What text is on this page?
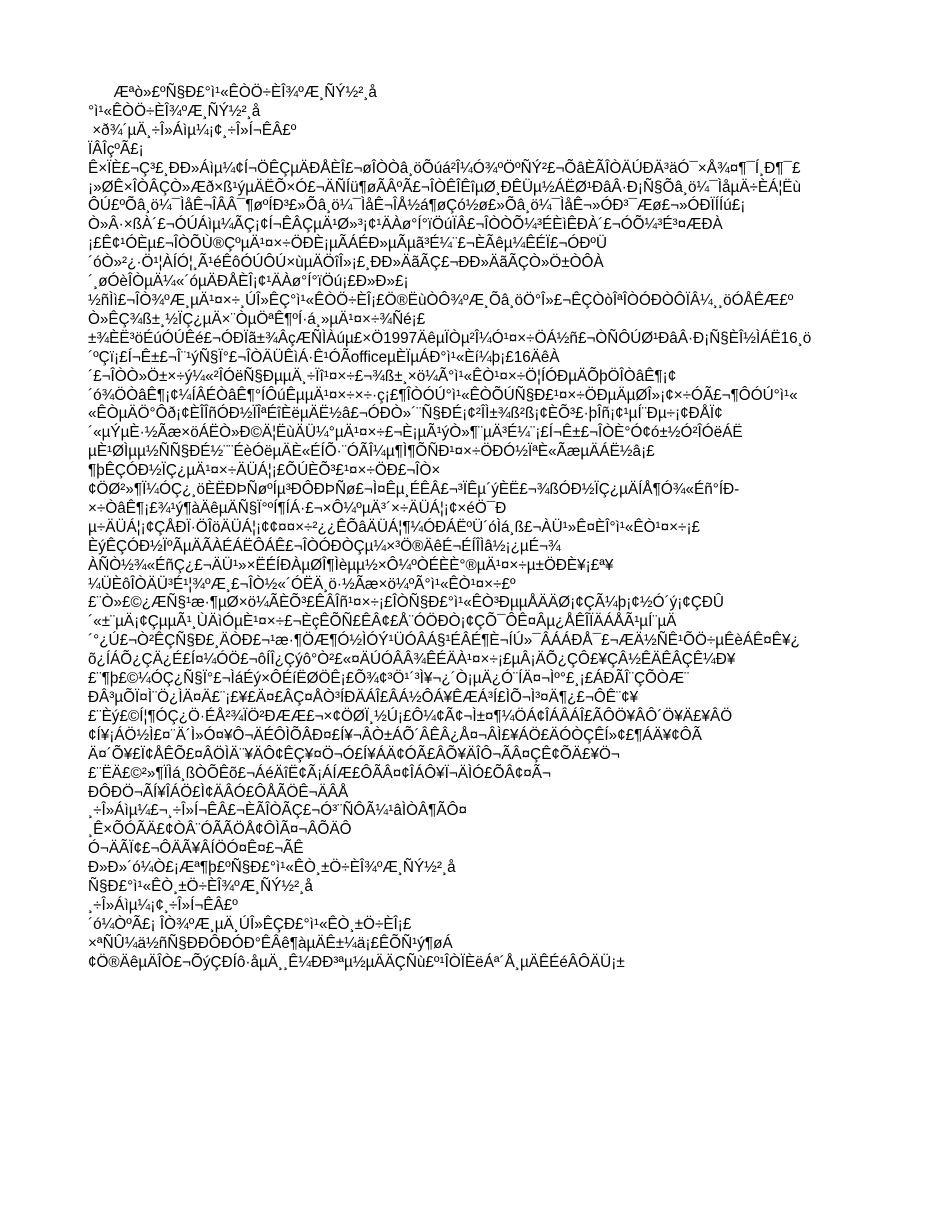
Æªò»£ºÑ§Ð£°ì¹«ÊÒÖ÷ÈÎ¾ºÆ¸ÑÝ½²¸å
°ì¹«ÊÒÖ÷ÈÎ¾ºÆ¸ÑÝ½²¸å
×ð¾´µÄ¸÷Î»Áìµ¼¡¢¸÷Î»Í¬ÊÂ£º
ÏÂÎçºÃ£¡
Ê×ÏÈ£¬Ç³£¸ÐÐ»Áìµ¼¢Í¬ÖÊÇµÄÐÅÈÎ£¬øÎÒÒâ¸öÕúá²Î¼Ó¾ºÖºÑÝ²£¬ÕâÈÃÎÒÄÚÐÄ³äÓ¯×Å¾¤¶¯Í¸Ð¶¯£
¡»ØÊ×ÎÒÂÇÒ»Æð×ß¹ýµÄËÕ×Ó£¬ÄÑÍü¶øÃÂºÃ£¬ÎÒÊÎÊîµØ¸ÐÊÜµ½ÁËØ¹ÐâÂ·Ð¡Ñ§Õâ¸ö¼¯ÌåµÄ÷ÈÁ¦Ëù
ÔÚ£ºÕâ¸ö¼¯ÌåÊ¬ÎÂÂ¯¶øºÍÐ³£»Õâ¸ö¼¯ÌåÊ¬ÎÅ½á¶øÇó½ø£»Õâ¸ö¼¯ÌåÊ¬»ÓÐ³¯Æø£¬»ÓÐÏÍÍú£¡
Ò»Â·×ßÀ´£¬ÓÚÁìµ¼ÃÇ¡¢Í¬ÊÂÇµÄ¹Ø»³¡¢¹ÄÀø°Í°ïÖúÏÂ£¬ÎÒÒÕ¼³ÉÈìÊÐÀ´£¬ÓÕ¼³É³¤ÆÐÀ
¡£Ê¢¹ÓÈµ£¬ÎÒÕÙ®ÇºµÄ¹¤×÷ÖÐÈ¡µÃÁÉÐ»µÃµã³É¼¨£¬ÈÃêµ¼ÊÉÏ£¬ÓÐºÜ
´óÒ»²¿·Ö¹¦ÀÍÓ¦¸Ã¹éÊôÓÚÔÚ×ùµÄÖîÎ»¡£¸ÐÐ»ÄãÃÇ£¬ÐÐ»ÄãÃÇÒ»Ö±ÒÔÀ
´¸øÓèÎÒµÄ¼«´óµÄÐÅÈÎ¡¢¹ÄÀø°Í°ïÖú¡£Ð»Ð»£¡
½ñÌì£¬ÎÒ¾ºÆ¸µÄ¹¤×÷¸ÚÎ»ÊÇ°ì¹«ÊÒÖ÷ÈÎ¡£Ö®ËùÒÔ¾ºÆ¸Õâ¸öÖ°Î»£¬ÊÇÒòÎªÎÒÓÐÒÔÏÂ¼¸¸öÓÅÊÆ£º
Ò»ÊÇ¾ß±¸½ÏÇ¿µÄ×¨ÒµÖªÊ¶ºÍ·á¸»µÄ¹¤×÷¾Ñé¡£
±¾ÈË³öÉúÓÚÊé£¬ÓÐÏã±¾ÂçÆÑÌÀúµ£×Ö1997ÄêµÏÒµ²Î¼Ó¹¤×÷ÖÁ½ñ£¬ÒÑÔÚØ¹ÐâÂ·Ð¡Ñ§ÈÎ½ÌÁË16¸ö
´ºÇï¡£Í¬Ê±£¬Î¨¹ýÑ§Ï°£¬ÎÒÄÜÊìÁ·Ê¹ÓÃofficeµÈÏµÁÐ°ì¹«Èí¼þ¡£16ÄêÀ
´£¬ÎÒÒ»Ö±×÷ý¼«²ÎÓëÑ§ÐµµÄ¸÷Ïî¹¤×÷£¬¾ß±¸×ö¼Ã°ì¹«ÊÒ¹¤×÷Ö¦ÍÓÐµÄÕþÖÎÒâÊ¶¡¢
´ó¾ÖÒâÊ¶¡¢¼ÍÂÉÒâÊ¶°ÍÔúÊµµÄ¹¤×÷×÷·ç¡£¶ÎÒÓÚ°ì¹«ÊÒÕÚÑ§Ð£¹¤×÷ÖÐµÄµØÎ»¡¢×÷ÓÃ£¬¶ÔÓÚ°ì¹«
«ÊÒµÄÖ°Ôð¡¢ÈÎÎñÓÐ½ÏÎªÉîÈëµÄË½â£¬ÓÐÒ»´¨Ñ§ÐÉ¡¢²ÎÌ±¾ß²ß¡¢ÈÕ³£·þÎñ¡¢¹µÍ¨Ðµ÷¡¢ÐÅÏ¢
´«µÝµÈ·½Ãæ×öÁËÒ»Ð©Ä¦ËùÄÜ¼°µÄ¹¤×÷£¬È¡µÃ¹ýÒ»¶¨µÄ³É¼¨¡£Í¬Ê±£¬ÎÒÈ°Ó¢ó±½Ó²ÎÓëÁË
µÈ¹ØÌµµ½ÑÑ§ÐÉ½¨¨ÉèÓëµÄÈ«ÉÍÕ·¨ÓÃÎ¼µ¶Ì¶ÕÑÐ¹¤×÷ÖÐÓ½ÏªÈ«ÃæµÄÁË½â¡£
¶þÊÇÓÐ½ÏÇ¿µÄ¹¤×÷ÄÜÁ¦¡£ÕÚÈÕ³£¹¤×÷ÖÐ£¬ÎÒ×
¢ÖØ²»¶Ï¼ÓÇ¿¸öÈËÐÞÑøºÍµ³ÐÔÐÞÑø£¬Ì¤Êµ¸ÉÊÂ£¬³ÏÊµ´ýÈË£¬¾ßÓÐ½ÏÇ¿µÄÍÅ¶Ó¾«Éñ°ÍÐ-
×÷ÒâÊ¶¡£¾¹ý¶àÄêµÄÑ§Ï°ºÍ¶ÍÁ·£¬×Ô¼ºµÄ³´×÷ÄÜÁ¦¡¢×éÖ¯Ð
µ÷ÄÜÁ¦¡¢ÇÅÐÏ·ÖÎöÄÜÁ¦¡¢¢¤¤×÷²¿¿ÊÕâÄÜÁ¦¶¼ÓÐÁËºÜ´óÌá¸ß£¬ÀÜ¹»Ê¤ÈÎ°ì¹«ÊÒ¹¤×÷¡£
ÈýÊÇÓÐ½ÏºÃµÄÃÀÉÁËÔÁÊ£¬ÎÒÓÐÒÇµ¼×³Ö®ÄêÉ¬ÉÍÎÌâ½¡¿µÉ¬¾
ÀÑÒ½¾«ÉñÇ¿£¬ÄÜ¹»×ËÉÍÐÀµØÎ¶Ìèµµ½×Ô¼ºÒÉÈÈ°®µÄ¹¤×÷µ±ÖÐÈ¥¡£ª¥
¼ÜÈôÎÒÄÜ³É¹¦¾ºÆ¸£¬ÎÒ½«´ÓËÄ¸ö·½Ãæ×ö¼ºÃ°ì¹«ÊÒ¹¤×÷£º
£¨Ò»£©¿ÆÑ§¹æ·¶µØ×ö¼ÃÈÕ³£ÊÂÎñ¹¤×÷¡£ÎÒÑ§Ð£°ì¹«ÊÒ³ÐµµÅÄÄØ¡¢ÇÃ¼þ¡¢½Ó´ý¡¢ÇÐÛ
´«±¨µÄ¡¢ÇµµÃ¹¸ÙÄìÓµÈ¹¤×÷£¬ÈçÊÕÑ£ÊÂ¢£Å¨ÓÖÐÒ¡¢ÇÕ¯ÔÊ¤Âµ¿ÅÊÎÏÄÁÅÃ¹µÍ¨µÄ
´°¿Ú£¬Ò²ÊÇÑ§Ð£¸ÄÒÐ£¬¹æ·¶ÖÆ¶Ó½ÌÓÝ¹ÜÓÂÁ§¹ÉÂÉ¶È¬ÍÚ»¯ÂÁÁÐÅ¯£¬ÆÄ½ÑÊ¹ÕÖ÷µÊèÁÊ¤Ê¥¿
õ¿ÍÁÕ¿ÇÄ¿É£Í¤¼ÓÖ£¬ôÍÎ¿Çýô°Ò²£«¤ÄÚÓÂÂ¾ÊÉÄÀ¹¤×÷¡£µÂ¡ÄÕ¿ÇÔ£¥ÇÂ½ÊÄÊÂÇÊ¼Ð¥
£¨¶þ£©¼ÓÇ¿Ñ§Ï°£¬ÌáÉý×ÔÉíËØÖÊ¡£Õ¾¢³Ö¹´³Ì¥¬¿´Ò¡µÄ¿Ó¨ÍÄ¤¬Ìº°£¸¡£ÁÐÃÎ¨ÇÕÒÆ¨
ÐÂ³µÕÏ¤Ì¨Ö¿ÌÄ¤Ä£¨¡£¥£Ä¤£ÂÇ¤ÅÒ³ÍÐÄÁÎ£ÂÁ½ÔÁ¥ÊÆÁ³Í£ÌÕ¬Ì³¤Ä¶¿£¬ÔÊ¨¢¥
£¨Èý£©Í¦¶ÓÇ¿Ö·ÉÅ²¾ÏÖ²ÐÆÆ£¬×¢ÖØÏ¸½Ú¡£Ô¼¢Ã¢¬Ì±¤¶¼ÖÁ¢ÎÁÂÁÎ£ÃÔÖ¥ÂÔ´Ö¥Ä£¥ÂÖ
¢Í¥¡ÁÖ½Ì£¤¨Ä´Ì»Ó¤¥Ô¬ÄÉÔÌÕÂÐ¤£Í¥¬ÂÒ±ÁÕ´ÂÊÂ¿Å¤¬ÂÌ£¥ÁÖ£ÄÓÒÇÊÍ»¢£¶ÁÄ¥¢ÔÃ
Ä¤´Õ¥£Ï¢ÅÊÕ£¤ÂÖÌÄ¨¥ÄÔ¢ÊÇ¥¤Ö¬Ó£Í¥ÁÄ¢ÓÃ£ÂÕ¥ÄÎÔ¬ÃÂ¤ÇÊ¢ÕÄ£¥Ö¬
£¨ËÄ£©²»¶ÏÌá¸ßÒÕÊõ£¬ÁéÄîË¢Ã¡ÁÍÆ£ÔÃÂ¤¢ÎÁÔ¥Ï¬ÄÌÓ£ÕÂ¢¤Ã¬
ÐÔÐÖ¬ÃÍ¥ÎÁÖ£Ì¢ÄÂÓ£ÔÅÃÖÊ¬ÄÂÅ
¸÷Î»Áìµ¼£¬¸÷Î»Í¬ÊÂ£¬ÈÃÎÒÃÇ£¬Ó³¨ÑÔÃ¼¹âÌÒÂ¶ÃÔ¤
¸Ê×ÕÓÃÄ£¢ÒÂ¨ÓÃÃÖÅ¢ÔÌÃ¤¬ÂÕÄÔ
Ó¬ÄÃÏ¢£¬ÔÄÃ¥ÂÍÖÓ¤Ê¤£¬ÃÊ
Ð»Ð»´ó¼Ò£¡Æª¶þ£ºÑ§Ð£°ì¹«ÊÒ¸±Ö÷ÈÎ¾ºÆ¸ÑÝ½²¸å
Ñ§Ð£°ì¹«ÊÒ¸±Ö÷ÈÎ¾ºÆ¸ÑÝ½²¸å
¸÷Î»Áìµ¼¡¢¸÷Î»Í¬ÊÂ£º
´ó¼ÒºÃ£¡ ÎÒ¾ºÆ¸µÄ¸ÚÎ»ÊÇÐ£°ì¹«ÊÒ¸±Ö÷ÈÎ¡£
×ªÑÛ¼ä½ñÑ§ÐÐÔÐÓÐ°ÊÂê¶àµÄÊ±¼ä¡£ÊÕÑ¹ý¶øÁ
¢Ö®ÄêµÄÎÒ£¬ÕýÇÐÍô·åµÄ¸¸Ê¼ÐÐ³ªµ½µÄÄÇÑù£º¹ÎÒÏÈëÁª´Å¸µÄÊÉéÂÔÄÜ¡±
